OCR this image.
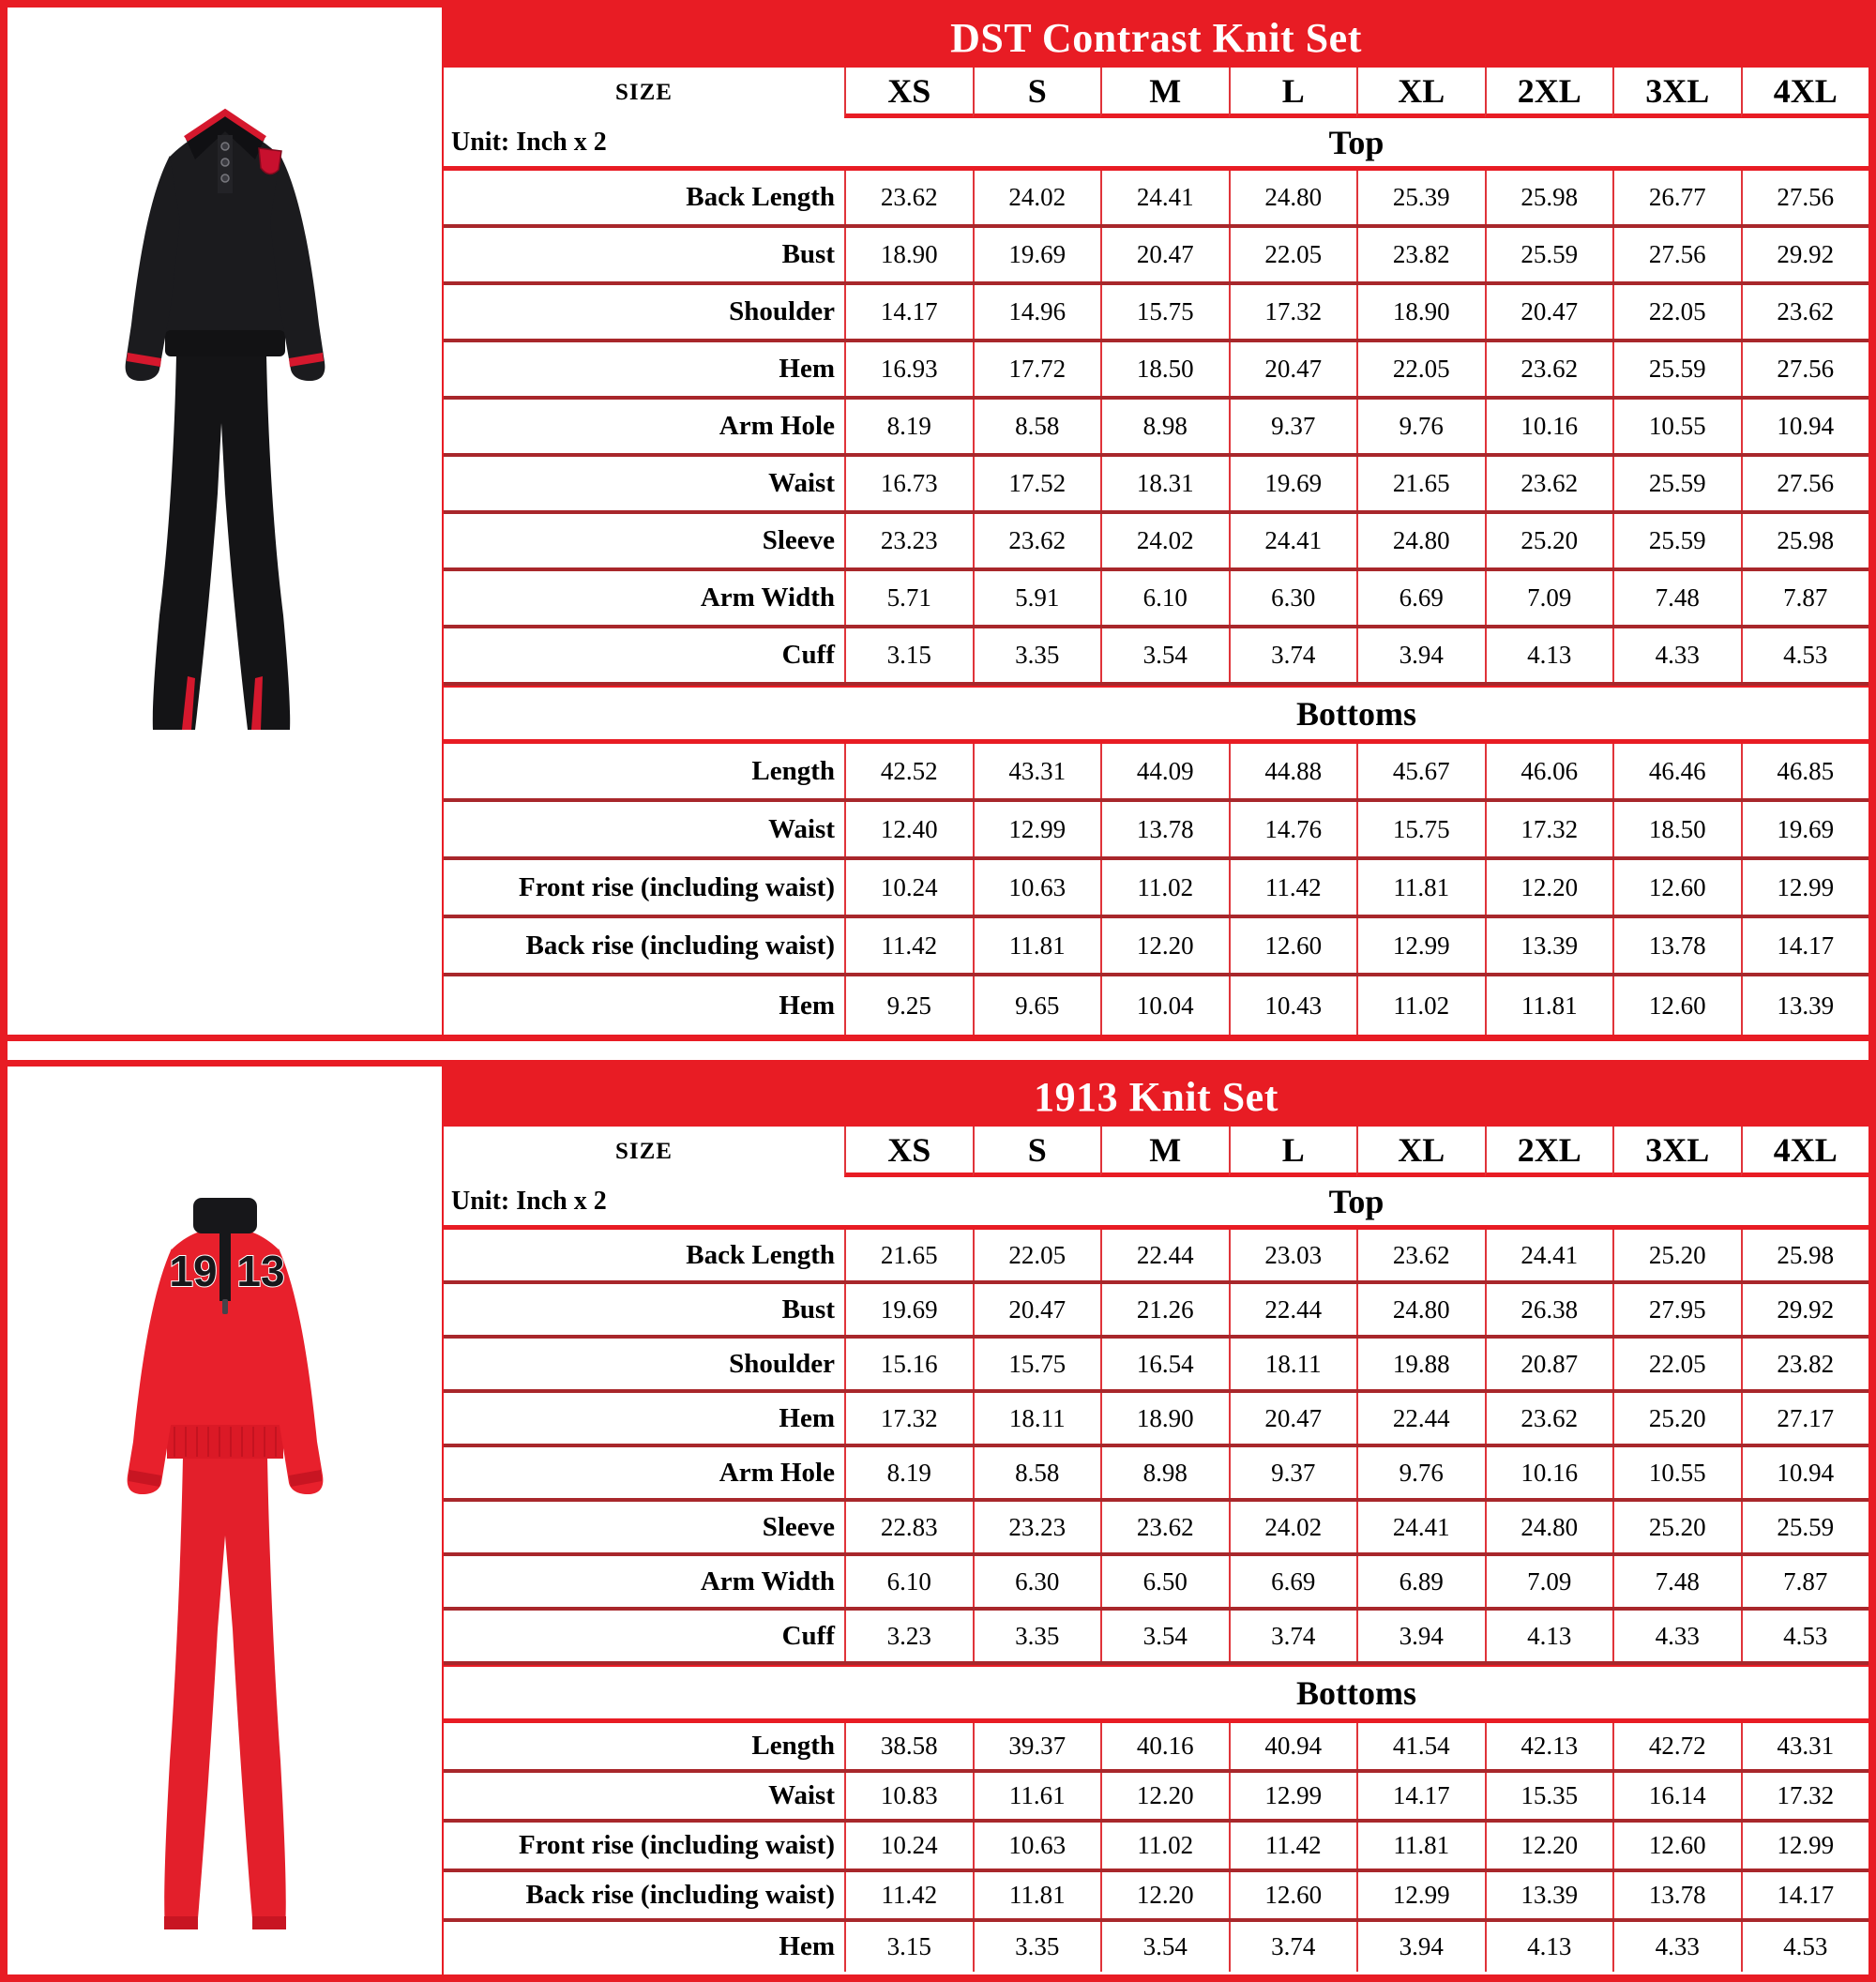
DST Contrast Knit Set
SIZE	XS	S	M	L	XL	2XL	3XL	4XL
Unit: Inch x 2	Top
Back Length	23.62	24.02	24.41	24.80	25.39	25.98	26.77	27.56
Bust	18.90	19.69	20.47	22.05	23.82	25.59	27.56	29.92
Shoulder	14.17	14.96	15.75	17.32	18.90	20.47	22.05	23.62
Hem	16.93	17.72	18.50	20.47	22.05	23.62	25.59	27.56
Arm Hole	8.19	8.58	8.98	9.37	9.76	10.16	10.55	10.94
Waist	16.73	17.52	18.31	19.69	21.65	23.62	25.59	27.56
Sleeve	23.23	23.62	24.02	24.41	24.80	25.20	25.59	25.98
Arm Width	5.71	5.91	6.10	6.30	6.69	7.09	7.48	7.87
Cuff	3.15	3.35	3.54	3.74	3.94	4.13	4.33	4.53
Bottoms
Length	42.52	43.31	44.09	44.88	45.67	46.06	46.46	46.85
Waist	12.40	12.99	13.78	14.76	15.75	17.32	18.50	19.69
Front rise (including waist)	10.24	10.63	11.02	11.42	11.81	12.20	12.60	12.99
Back rise (including waist)	11.42	11.81	12.20	12.60	12.99	13.39	13.78	14.17
Hem	9.25	9.65	10.04	10.43	11.02	11.81	12.60	13.39
19 13
1913 Knit Set
SIZE	XS	S	M	L	XL	2XL	3XL	4XL
Unit: Inch x 2	Top
Back Length	21.65	22.05	22.44	23.03	23.62	24.41	25.20	25.98
Bust	19.69	20.47	21.26	22.44	24.80	26.38	27.95	29.92
Shoulder	15.16	15.75	16.54	18.11	19.88	20.87	22.05	23.82
Hem	17.32	18.11	18.90	20.47	22.44	23.62	25.20	27.17
Arm Hole	8.19	8.58	8.98	9.37	9.76	10.16	10.55	10.94
Sleeve	22.83	23.23	23.62	24.02	24.41	24.80	25.20	25.59
Arm Width	6.10	6.30	6.50	6.69	6.89	7.09	7.48	7.87
Cuff	3.23	3.35	3.54	3.74	3.94	4.13	4.33	4.53
Bottoms
Length	38.58	39.37	40.16	40.94	41.54	42.13	42.72	43.31
Waist	10.83	11.61	12.20	12.99	14.17	15.35	16.14	17.32
Front rise (including waist)	10.24	10.63	11.02	11.42	11.81	12.20	12.60	12.99
Back rise (including waist)	11.42	11.81	12.20	12.60	12.99	13.39	13.78	14.17
Hem	3.15	3.35	3.54	3.74	3.94	4.13	4.33	4.53
